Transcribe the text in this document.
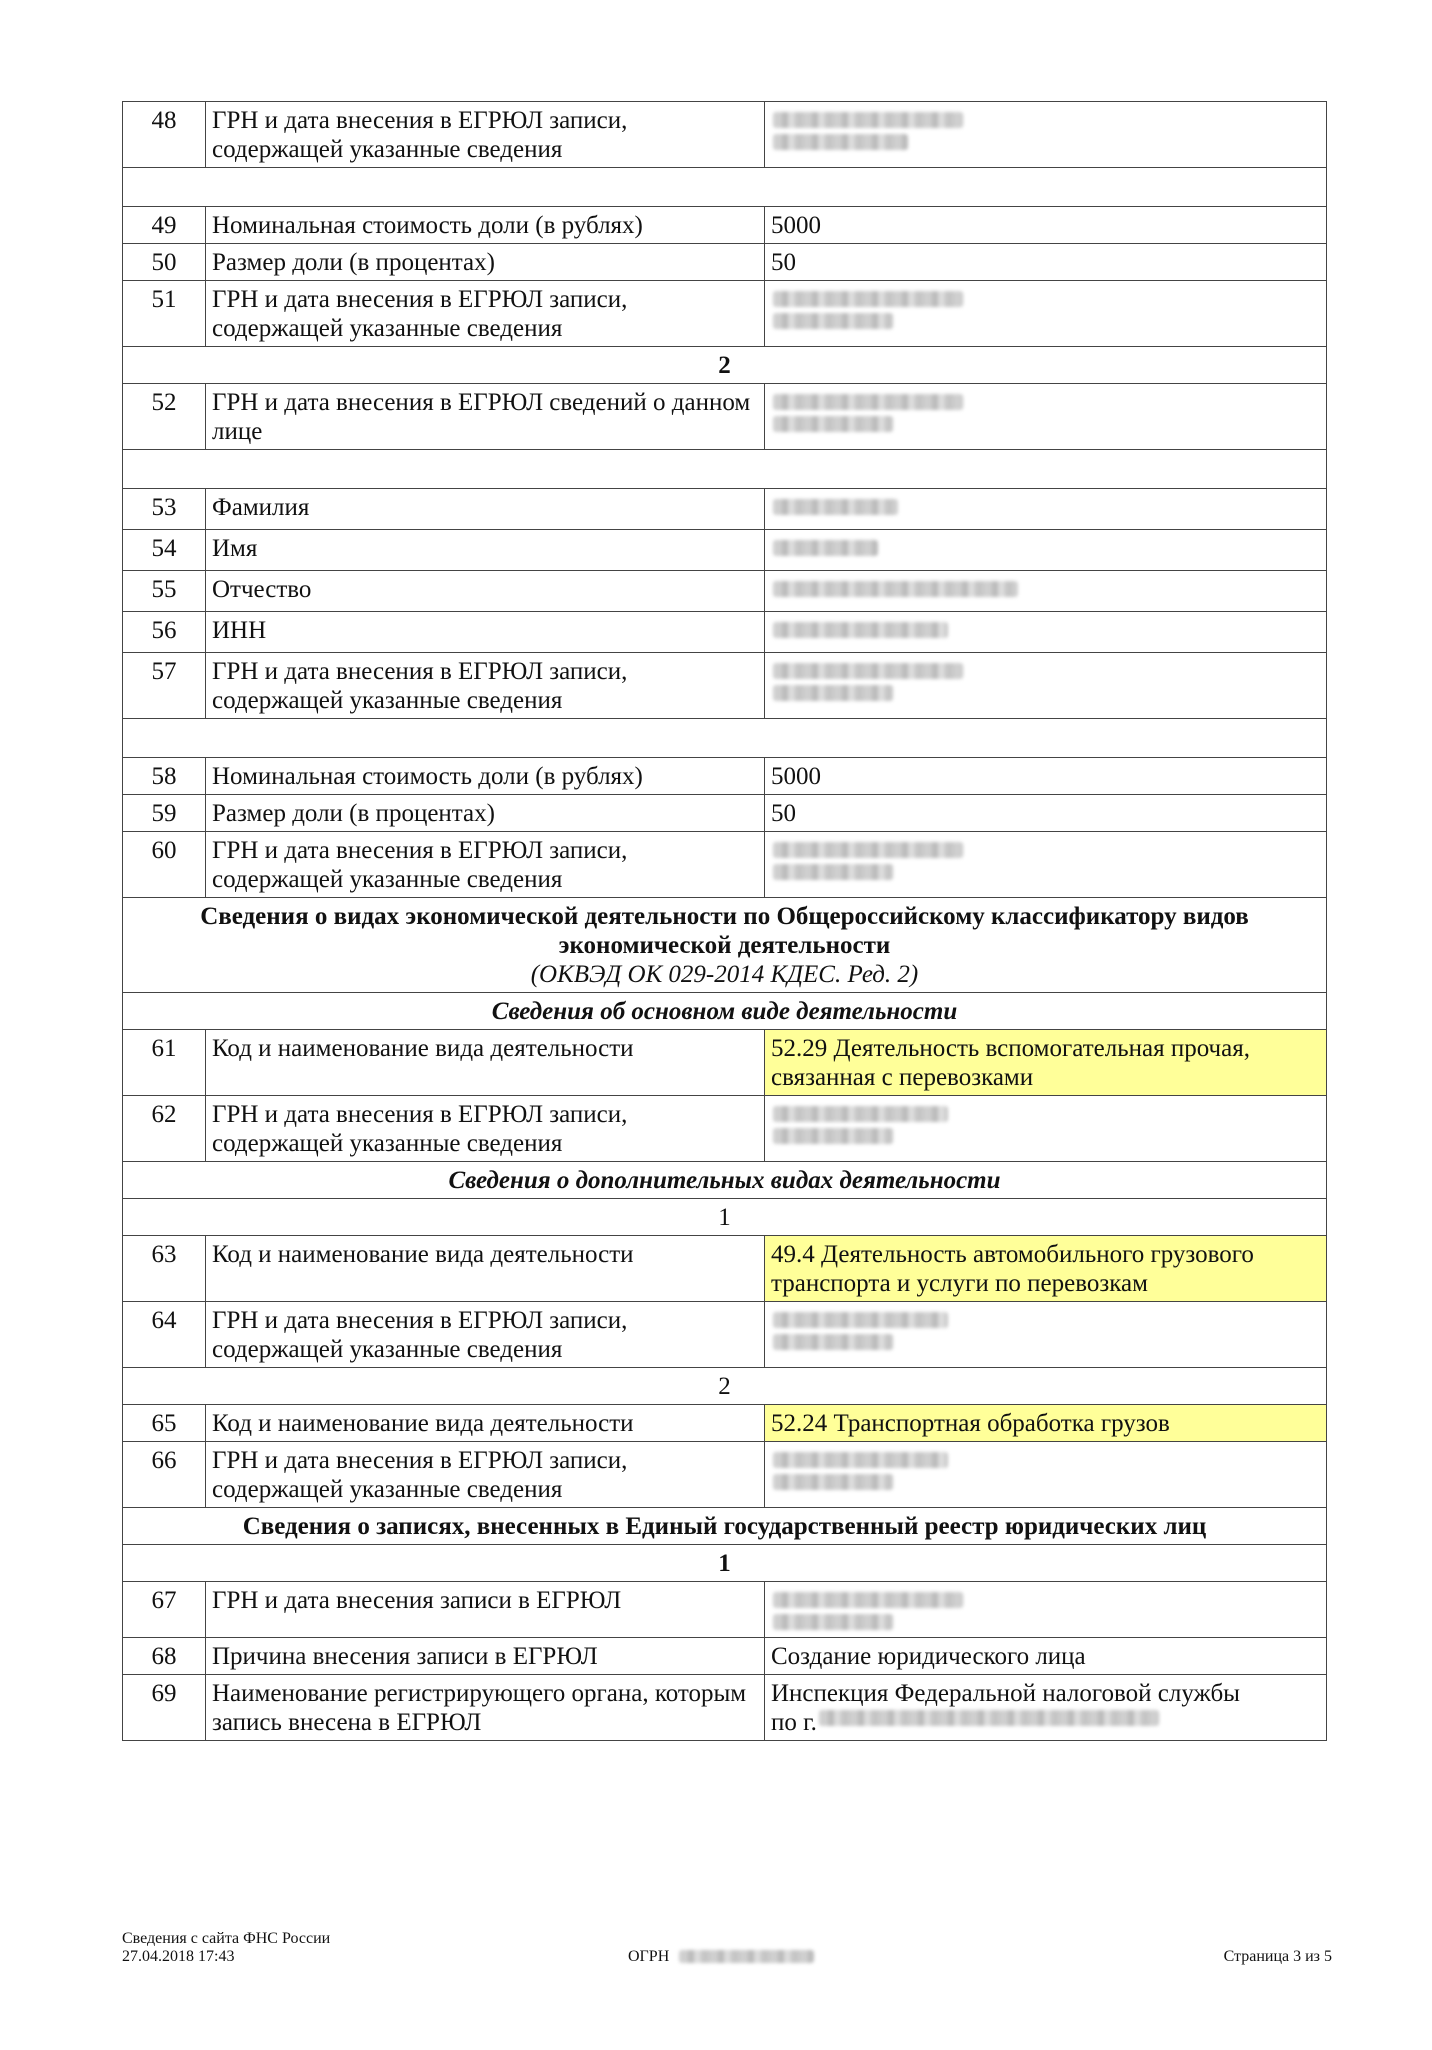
48	ГРН и дата внесения в ЕГРЮЛ записи, содержащей указанные сведения	

49	Номинальная стоимость доли (в рублях)	5000
50	Размер доли (в процентах)	50
51	ГРН и дата внесения в ЕГРЮЛ записи, содержащей указанные сведения	

2		
52	ГРН и дата внесения в ЕГРЮЛ сведений о данном лице	

53	Фамилия	
54	Имя	
55	Отчество	
56	ИНН	
57	ГРН и дата внесения в ЕГРЮЛ записи, содержащей указанные сведения	

58	Номинальная стоимость доли (в рублях)	5000
59	Размер доли (в процентах)	50
60	ГРН и дата внесения в ЕГРЮЛ записи, содержащей указанные сведения	

Сведения о видах экономической деятельности по Общероссийскому классификатору видов экономической деятельности
(ОКВЭД ОК 029-2014 КДЕС. Ред. 2)		

Сведения об основном виде деятельности		
61	Код и наименование вида деятельности	52.29 Деятельность вспомогательная прочая, связанная с перевозками
62	ГРН и дата внесения в ЕГРЮЛ записи, содержащей указанные сведения	

Сведения о дополнительных видах деятельности		
1		
63	Код и наименование вида деятельности	49.4 Деятельность автомобильного грузового транспорта и услуги по перевозкам
64	ГРН и дата внесения в ЕГРЮЛ записи, содержащей указанные сведения	

2		
65	Код и наименование вида деятельности	52.24 Транспортная обработка грузов
66	ГРН и дата внесения в ЕГРЮЛ записи, содержащей указанные сведения	

Сведения о записях, внесенных в Единый государственный реестр юридических лиц		
1		
67	ГРН и дата внесения записи в ЕГРЮЛ	

68	Причина внесения записи в ЕГРЮЛ	Создание юридического лица
69	Наименование регистрирующего органа, которым запись внесена в ЕГРЮЛ	Инспекция Федеральной налоговой службы
по г.
Сведения с сайта ФНС России
27.04.2018 17:43	ОГРН	Страница 3 из 5
